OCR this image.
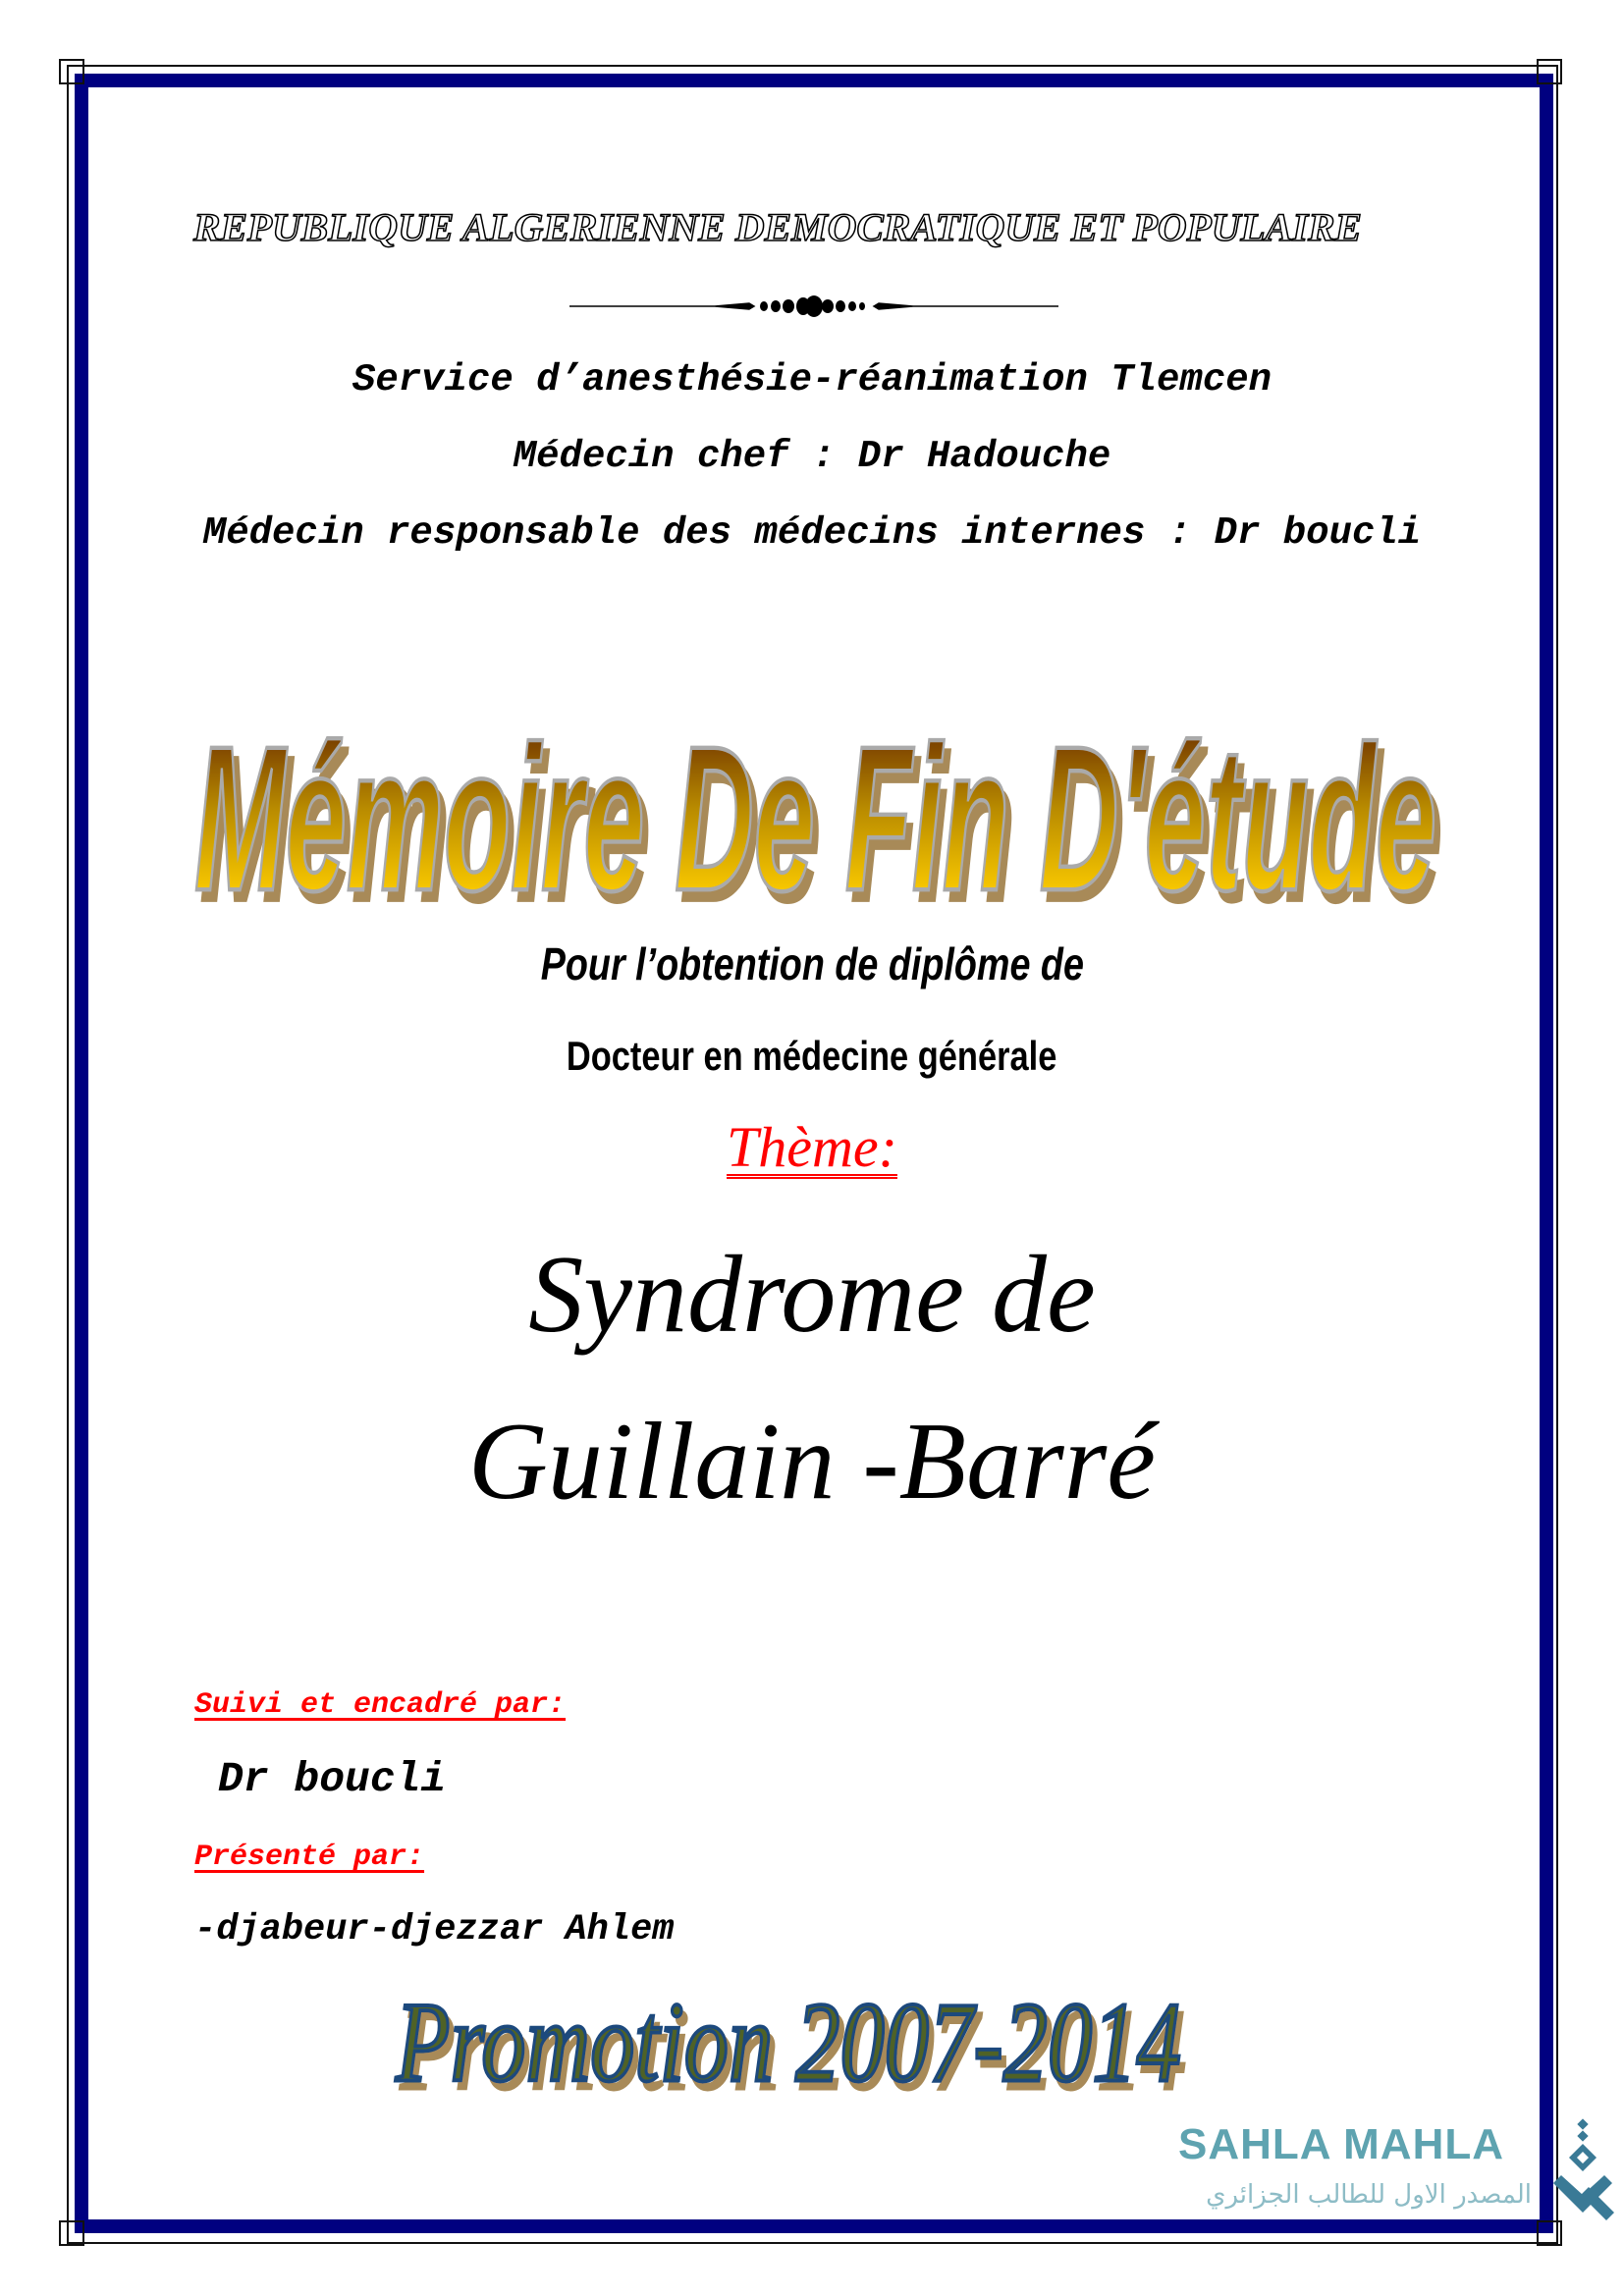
REPUBLIQUE ALGERIENNE DEMOCRATIQUE ET POPULAIRE
Service d’anesthésie-réanimation Tlemcen
Médecin chef : Dr Hadouche
Médecin responsable des médecins internes : Dr boucli
Mémoire De Fin D'étude
Pour l’obtention de diplôme de
Docteur en médecine générale
Thème:
Syndrome de
Guillain -Barré
Suivi et encadré par:
Dr boucli
Présenté par:
-djabeur-djezzar Ahlem
Promotion 2007-2014
SAHLA MAHLA
المصدر الاول للطالب الجزائري
